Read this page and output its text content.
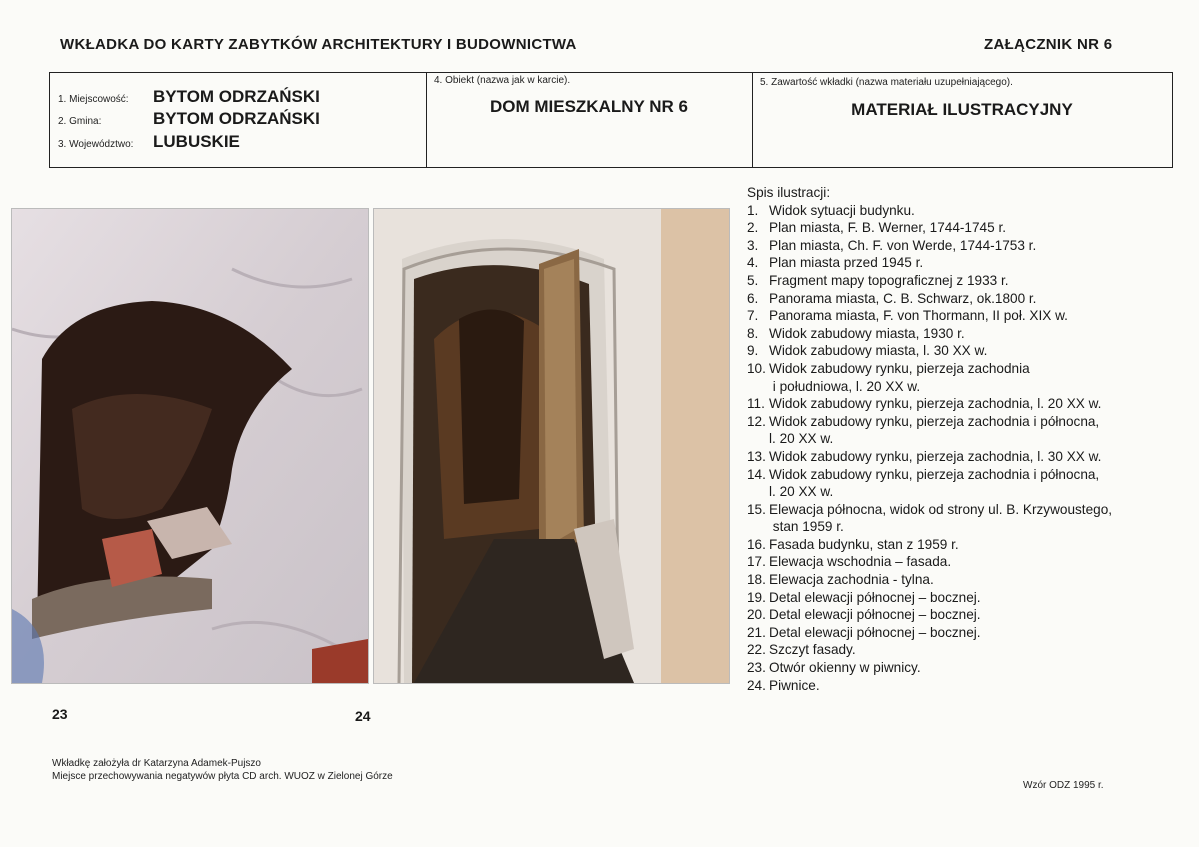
WKŁADKA DO KARTY ZABYTKÓW ARCHITEKTURY I BUDOWNICTWA	ZAŁĄCZNIK NR 6
1. Miejscowość: BYTOM ODRZAŃSKI
2. Gmina:	BYTOM ODRZAŃSKI
3. Województwo: LUBUSKIE
4. Obiekt (nazwa jak w karcie).
DOM MIESZKALNY NR 6
5. Zawartość wkładki (nazwa materiału uzupełniającego).
MATERIAŁ ILUSTRACYJNY
23	24
Spis ilustracji:
1. Widok sytuacji budynku.
2. Plan miasta, F. B. Werner, 1744-1745 r.
3. Plan miasta, Ch. F. von Werde, 1744-1753 r.
4. Plan miasta przed 1945 r.
5. Fragment mapy topograficznej z 1933 r.
6. Panorama miasta, C. B. Schwarz, ok.1800 r.
7. Panorama miasta, F. von Thormann, II poł. XIX w.
8. Widok zabudowy miasta, 1930 r.
9. Widok zabudowy miasta, l. 30 XX w.
10. Widok zabudowy rynku, pierzeja zachodnia
i południowa, l. 20 XX w.
11. Widok zabudowy rynku, pierzeja zachodnia, l. 20 XX w.
12. Widok zabudowy rynku, pierzeja zachodnia i północna,
l. 20 XX w.
13. Widok zabudowy rynku, pierzeja zachodnia, l. 30 XX w.
14. Widok zabudowy rynku, pierzeja zachodnia i północna,
l. 20 XX w.
15. Elewacja północna, widok od strony ul. B. Krzywoustego,
stan 1959 r.
16. Fasada budynku, stan z 1959 r.
17. Elewacja wschodnia – fasada.
18. Elewacja zachodnia - tylna.
19. Detal elewacji północnej – bocznej.
20. Detal elewacji północnej – bocznej.
21. Detal elewacji północnej – bocznej.
22. Szczyt fasady.
23. Otwór okienny w piwnicy.
24. Piwnice.
Wkładkę założyła dr Katarzyna Adamek-Pujszo
Miejsce przechowywania negatywów płyta CD arch. WUOZ w Zielonej Górze
Wzór ODZ 1995 r.
